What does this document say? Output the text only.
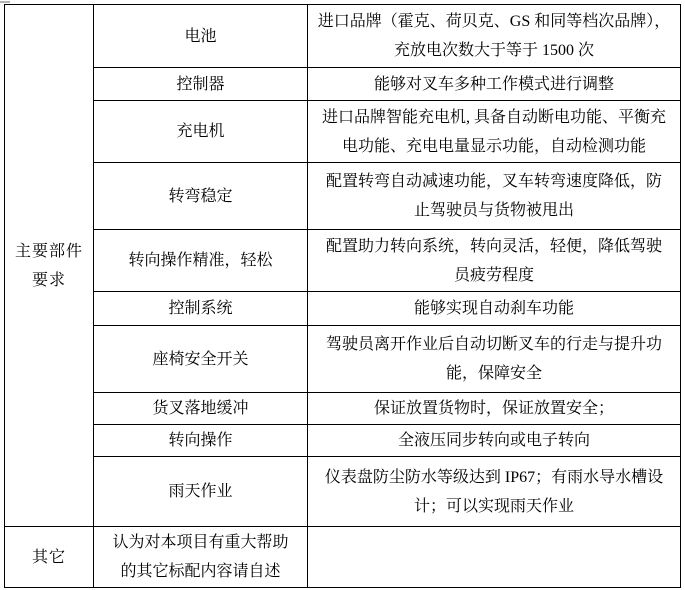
主要部件
要求	电池	进口品牌（霍克、荷贝克、GS 和同等档次品牌），
充放电次数大于等于 1500 次
	控制器	能够对叉车多种工作模式进行调整
	充电机	进口品牌智能充电机, 具备自动断电功能、平衡充
电功能、充电电量显示功能，自动检测功能
	转弯稳定	配置转弯自动减速功能，叉车转弯速度降低，防
止驾驶员与货物被甩出
	转向操作精准，轻松	配置助力转向系统，转向灵活，轻便，降低驾驶
员疲劳程度
	控制系统	能够实现自动刹车功能
	座椅安全开关	驾驶员离开作业后自动切断叉车的行走与提升功
能，保障安全
	货叉落地缓冲	保证放置货物时，保证放置安全；
	转向操作	全液压同步转向或电子转向
	雨天作业	仪表盘防尘防水等级达到 IP67；有雨水导水槽设
计；可以实现雨天作业
其它	认为对本项目有重大帮助
的其它标配内容请自述	
